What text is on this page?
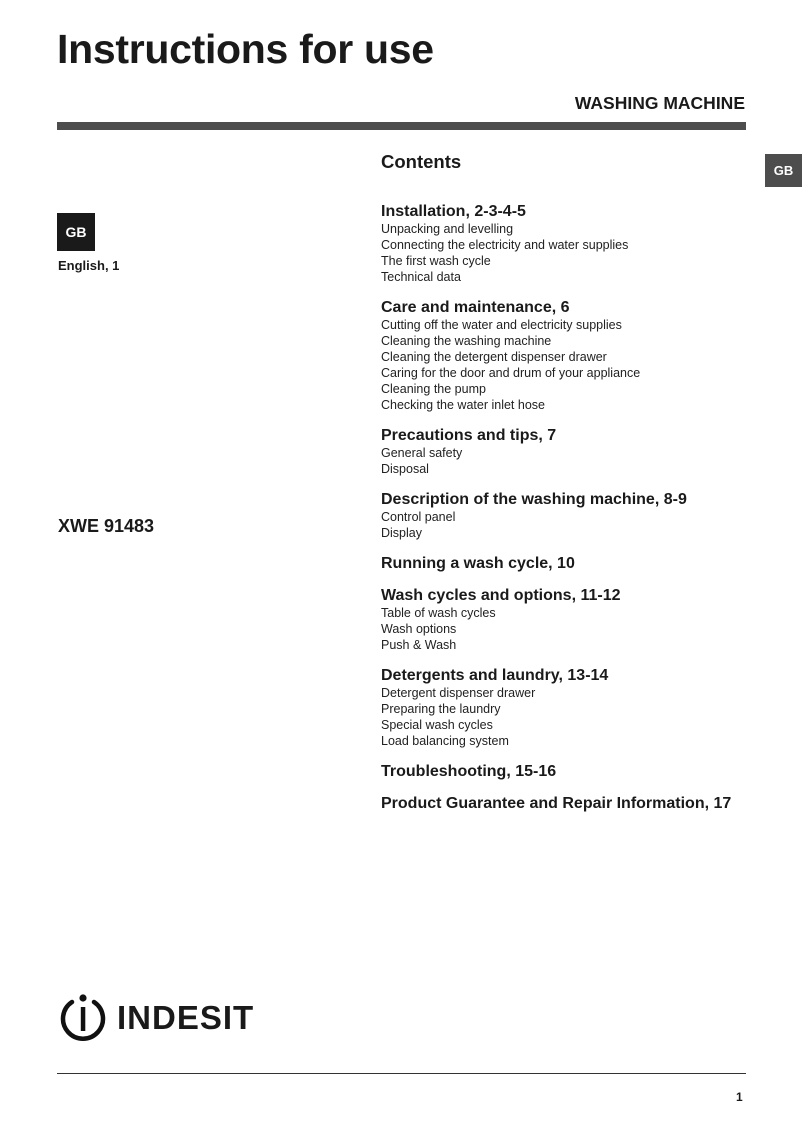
Instructions for use
WASHING MACHINE
GB
GB
English, 1
XWE 91483
Contents
Installation, 2-3-4-5
Unpacking and levelling
Connecting the electricity and water supplies
The first wash cycle
Technical data
Care and maintenance, 6
Cutting off the water and electricity supplies
Cleaning the washing machine
Cleaning the detergent dispenser drawer
Caring for the door and drum of your appliance
Cleaning the pump
Checking the water inlet hose
Precautions and tips, 7
General safety
Disposal
Description of the washing machine, 8-9
Control panel
Display
Running a wash cycle, 10
Wash cycles and options, 11-12
Table of wash cycles
Wash options
Push & Wash
Detergents and laundry, 13-14
Detergent dispenser drawer
Preparing the laundry
Special wash cycles
Load balancing system
Troubleshooting, 15-16
Product Guarantee and Repair Information, 17
INDESIT
1
